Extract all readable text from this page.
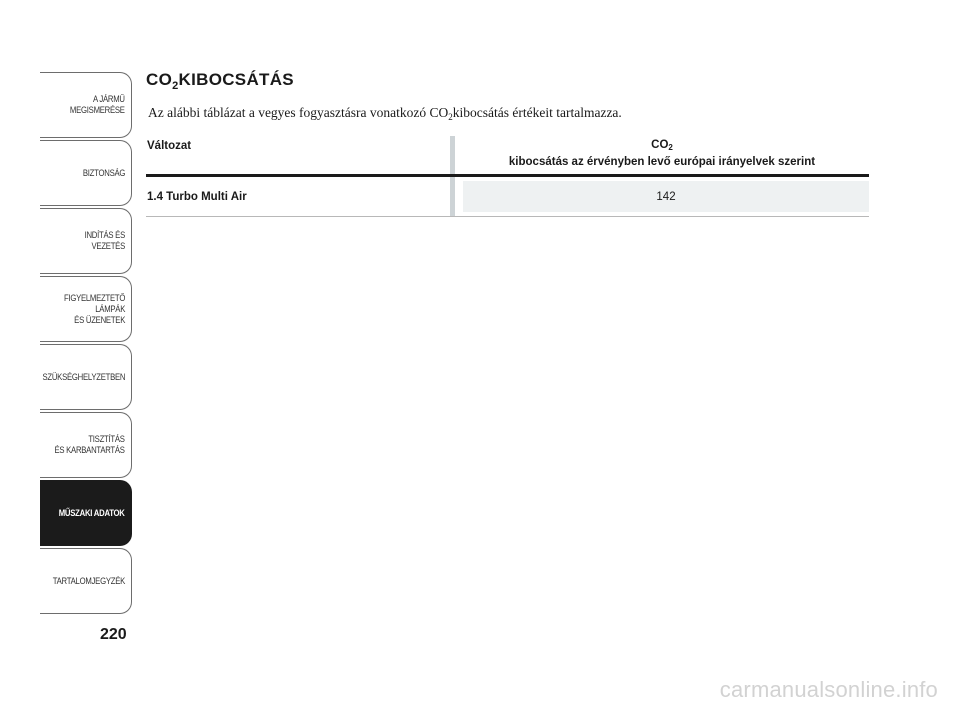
A JÁRMŰ
MEGISMERÉSE
BIZTONSÁG
INDÍTÁS ÉS VEZETÉS
FIGYELMEZTETŐ
LÁMPÁK
ÉS ÜZENETEK
SZÜKSÉGHELYZETBEN
TISZTÍTÁS
ÉS KARBANTARTÁS
MŰSZAKI ADATOK
TARTALOMJEGYZÉK
220
$CO_2KIBOCSÁTÁS$

Az alábbi táblázat a vegyes fogyasztásra vonatkozó $CO_2kibocsátás$ értékeit tartalmazza.

Változat	$CO_2$
kibocsátás az érvényben levő európai irányelvek szerint
1.4 Turbo Multi Air	142
carmanualsonline.info
